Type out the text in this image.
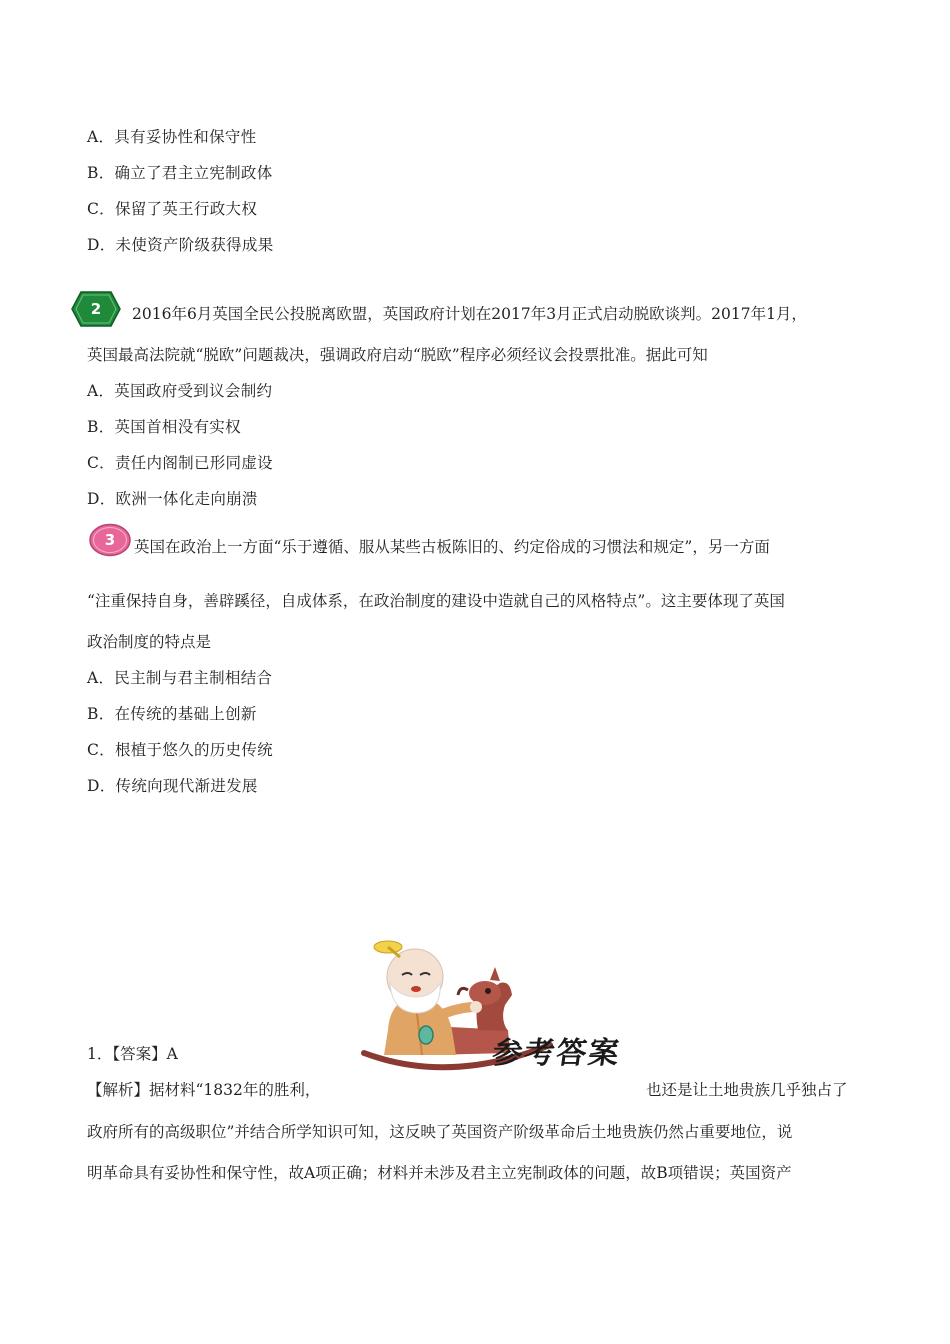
A．具有妥协性和保守性
B．确立了君主立宪制政体
C．保留了英王行政大权
D．未使资产阶级获得成果
2 2016年6月英国全民公投脱离欧盟，英国政府计划在2017年3月正式启动脱欧谈判。2017年1月，
英国最高法院就“脱欧”问题裁决，强调政府启动“脱欧”程序必须经议会投票批准。据此可知
A．英国政府受到议会制约
B．英国首相没有实权
C．责任内阁制已形同虚设
D．欧洲一体化走向崩溃
3 英国在政治上一方面“乐于遵循、服从某些古板陈旧的、约定俗成的习惯法和规定”，另一方面
“注重保持自身，善辟蹊径，自成体系，在政治制度的建设中造就自己的风格特点”。这主要体现了英国
政治制度的特点是
A．民主制与君主制相结合
B．在传统的基础上创新
C．根植于悠久的历史传统
D．传统向现代渐进发展
参考答案
1．【答案】A
【解析】据材料“1832年的胜利，	也还是让土地贵族几乎独占了
政府所有的高级职位”并结合所学知识可知，这反映了英国资产阶级革命后土地贵族仍然占重要地位，说
明革命具有妥协性和保守性，故A项正确；材料并未涉及君主立宪制政体的问题，故B项错误；英国资产
